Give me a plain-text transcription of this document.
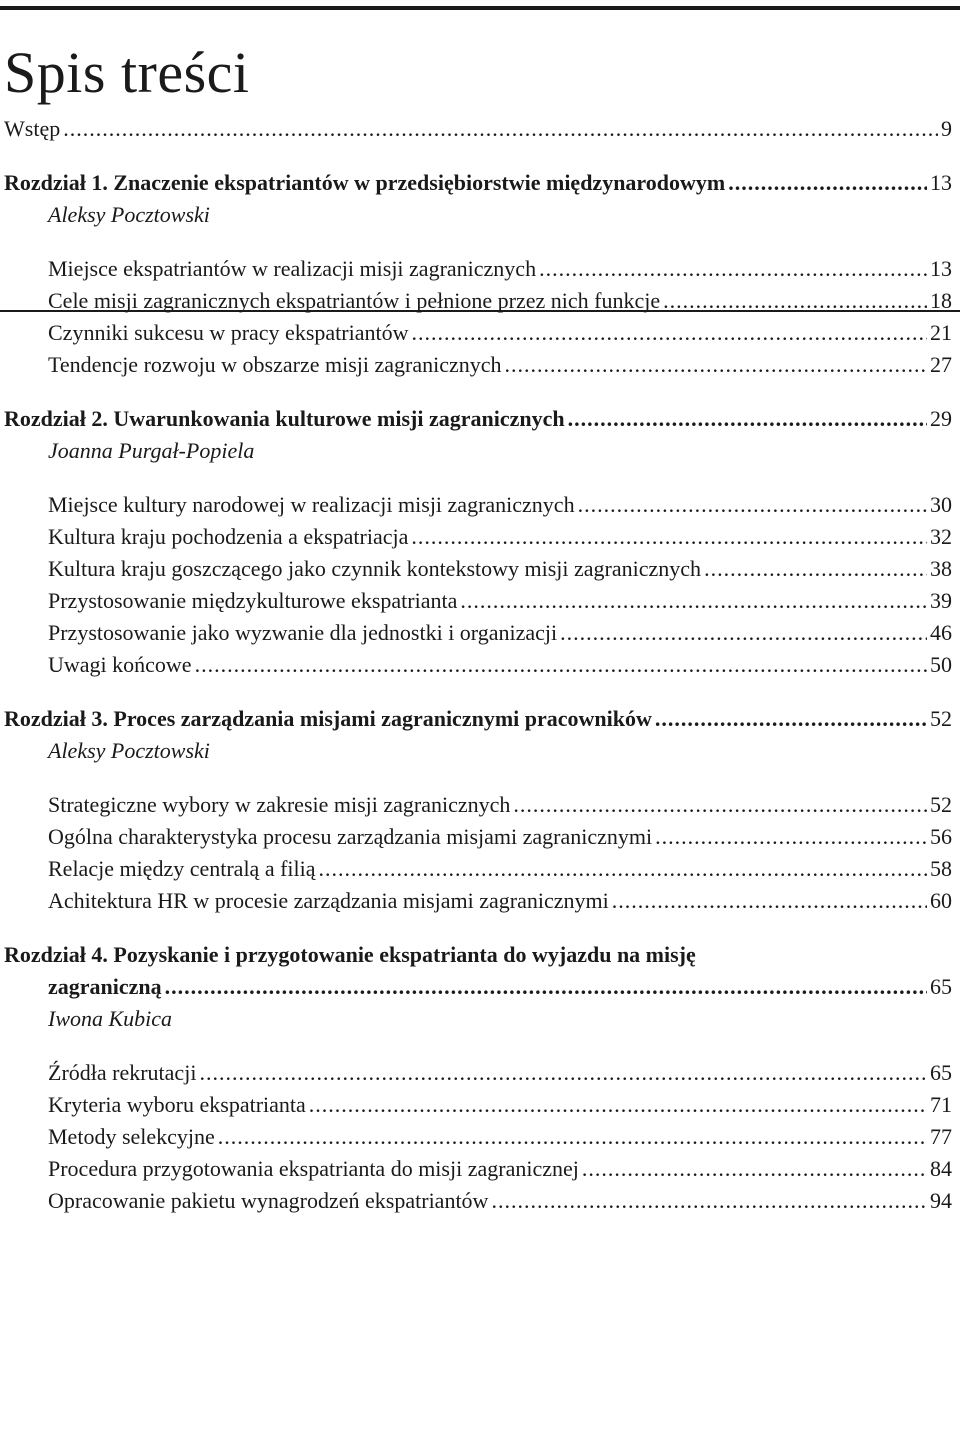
Spis treści
Wstęp .....	9
Rozdział 1. Znaczenie ekspatriantów w przedsiębiorstwie międzynarodowym .....	13
Aleksy Pocztowski
Miejsce ekspatriantów w realizacji misji zagranicznych .....	13
Cele misji zagranicznych ekspatriantów i pełnione przez nich funkcje .....	18
Czynniki sukcesu w pracy ekspatriantów .....	21
Tendencje rozwoju w obszarze misji zagranicznych .....	27
Rozdział 2. Uwarunkowania kulturowe misji zagranicznych .....	29
Joanna Purgał-Popiela
Miejsce kultury narodowej w realizacji misji zagranicznych .....	30
Kultura kraju pochodzenia a ekspatriacja .....	32
Kultura kraju goszczącego jako czynnik kontekstowy misji zagranicznych .....	38
Przystosowanie międzykulturowe ekspatrianta .....	39
Przystosowanie jako wyzwanie dla jednostki i organizacji .....	46
Uwagi końcowe .....	50
Rozdział 3. Proces zarządzania misjami zagranicznymi pracowników .....	52
Aleksy Pocztowski
Strategiczne wybory w zakresie misji zagranicznych .....	52
Ogólna charakterystyka procesu zarządzania misjami zagranicznymi .....	56
Relacje między centralą a filią .....	58
Achitektura HR w procesie zarządzania misjami zagranicznymi .....	60
Rozdział 4. Pozyskanie i przygotowanie ekspatrianta do wyjazdu na misję
zagraniczną .....	65
Iwona Kubica
Źródła rekrutacji .....	65
Kryteria wyboru ekspatrianta .....	71
Metody selekcyjne .....	77
Procedura przygotowania ekspatrianta do misji zagranicznej .....	84
Opracowanie pakietu wynagrodzeń ekspatriantów .....	94
